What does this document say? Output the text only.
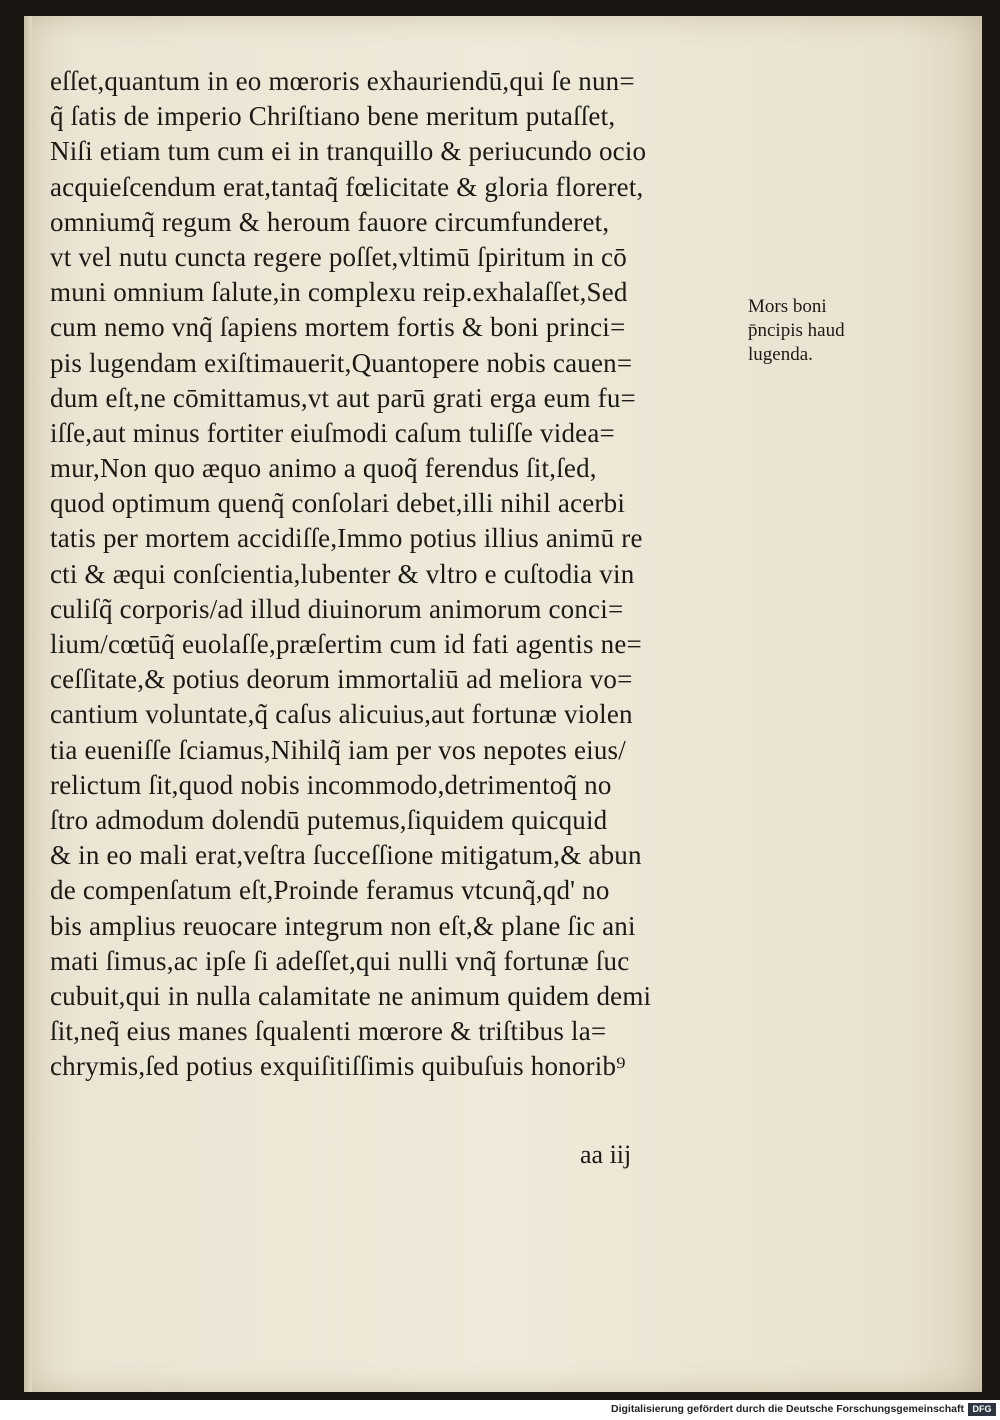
eſſet,quantum in eo mœroris exhauriendū,qui ſe nun=
q̃ ſatis de imperio Chriſtiano bene meritum putaſſet,
Niſi etiam tum cum ei in tranquillo & periucundo ocio
acquieſcendum erat,tantaq̃ fœlicitate & gloria floreret,
omniumq̃ regum & heroum fauore circumfunderet,
vt vel nutu cuncta regere poſſet,vltimū ſpiritum in cō
muni omnium ſalute,in complexu reip.exhalaſſet,Sed
cum nemo vnq̃ ſapiens mortem fortis & boni princi=
pis lugendam exiſtimauerit,Quantopere nobis cauen=
dum eſt,ne cōmittamus,vt aut parū grati erga eum fu=
iſſe,aut minus fortiter eiuſmodi caſum tuliſſe videa=
mur,Non quo æquo animo a quoq̃ ferendus ſit,ſed,
quod optimum quenq̃ conſolari debet,illi nihil acerbi
tatis per mortem accidiſſe,Immo potius illius animū re
cti & æqui conſcientia,lubenter & vltro e cuſtodia vin
culiſq̃ corporis/ad illud diuinorum animorum conci=
lium/cœtūq̃ euolaſſe,præſertim cum id fati agentis ne=
ceſſitate,& potius deorum immortaliū ad meliora vo=
cantium voluntate,q̃ caſus alicuius,aut fortunæ violen
tia eueniſſe ſciamus,Nihilq̃ iam per vos nepotes eius/
relictum ſit,quod nobis incommodo,detrimentoq̃ no
ſtro admodum dolendū putemus,ſiquidem quicquid
& in eo mali erat,veſtra ſucceſſione mitigatum,& abun
de compenſatum eſt,Proinde feramus vtcunq̃,qd' no
bis amplius reuocare integrum non eſt,& plane ſic ani
mati ſimus,ac ipſe ſi adeſſet,qui nulli vnq̃ fortunæ ſuc
cubuit,qui in nulla calamitate ne animum quidem demi
ſit,neq̃ eius manes ſqualenti mœrore & triſtibus la=
chrymis,ſed potius exquiſitiſſimis quibuſuis honorib⁹
Mors boni
p̄ncipis haud
lugenda.
aa iij
Digitalisierung gefördert durch die Deutsche Forschungsgemeinschaft DFG
